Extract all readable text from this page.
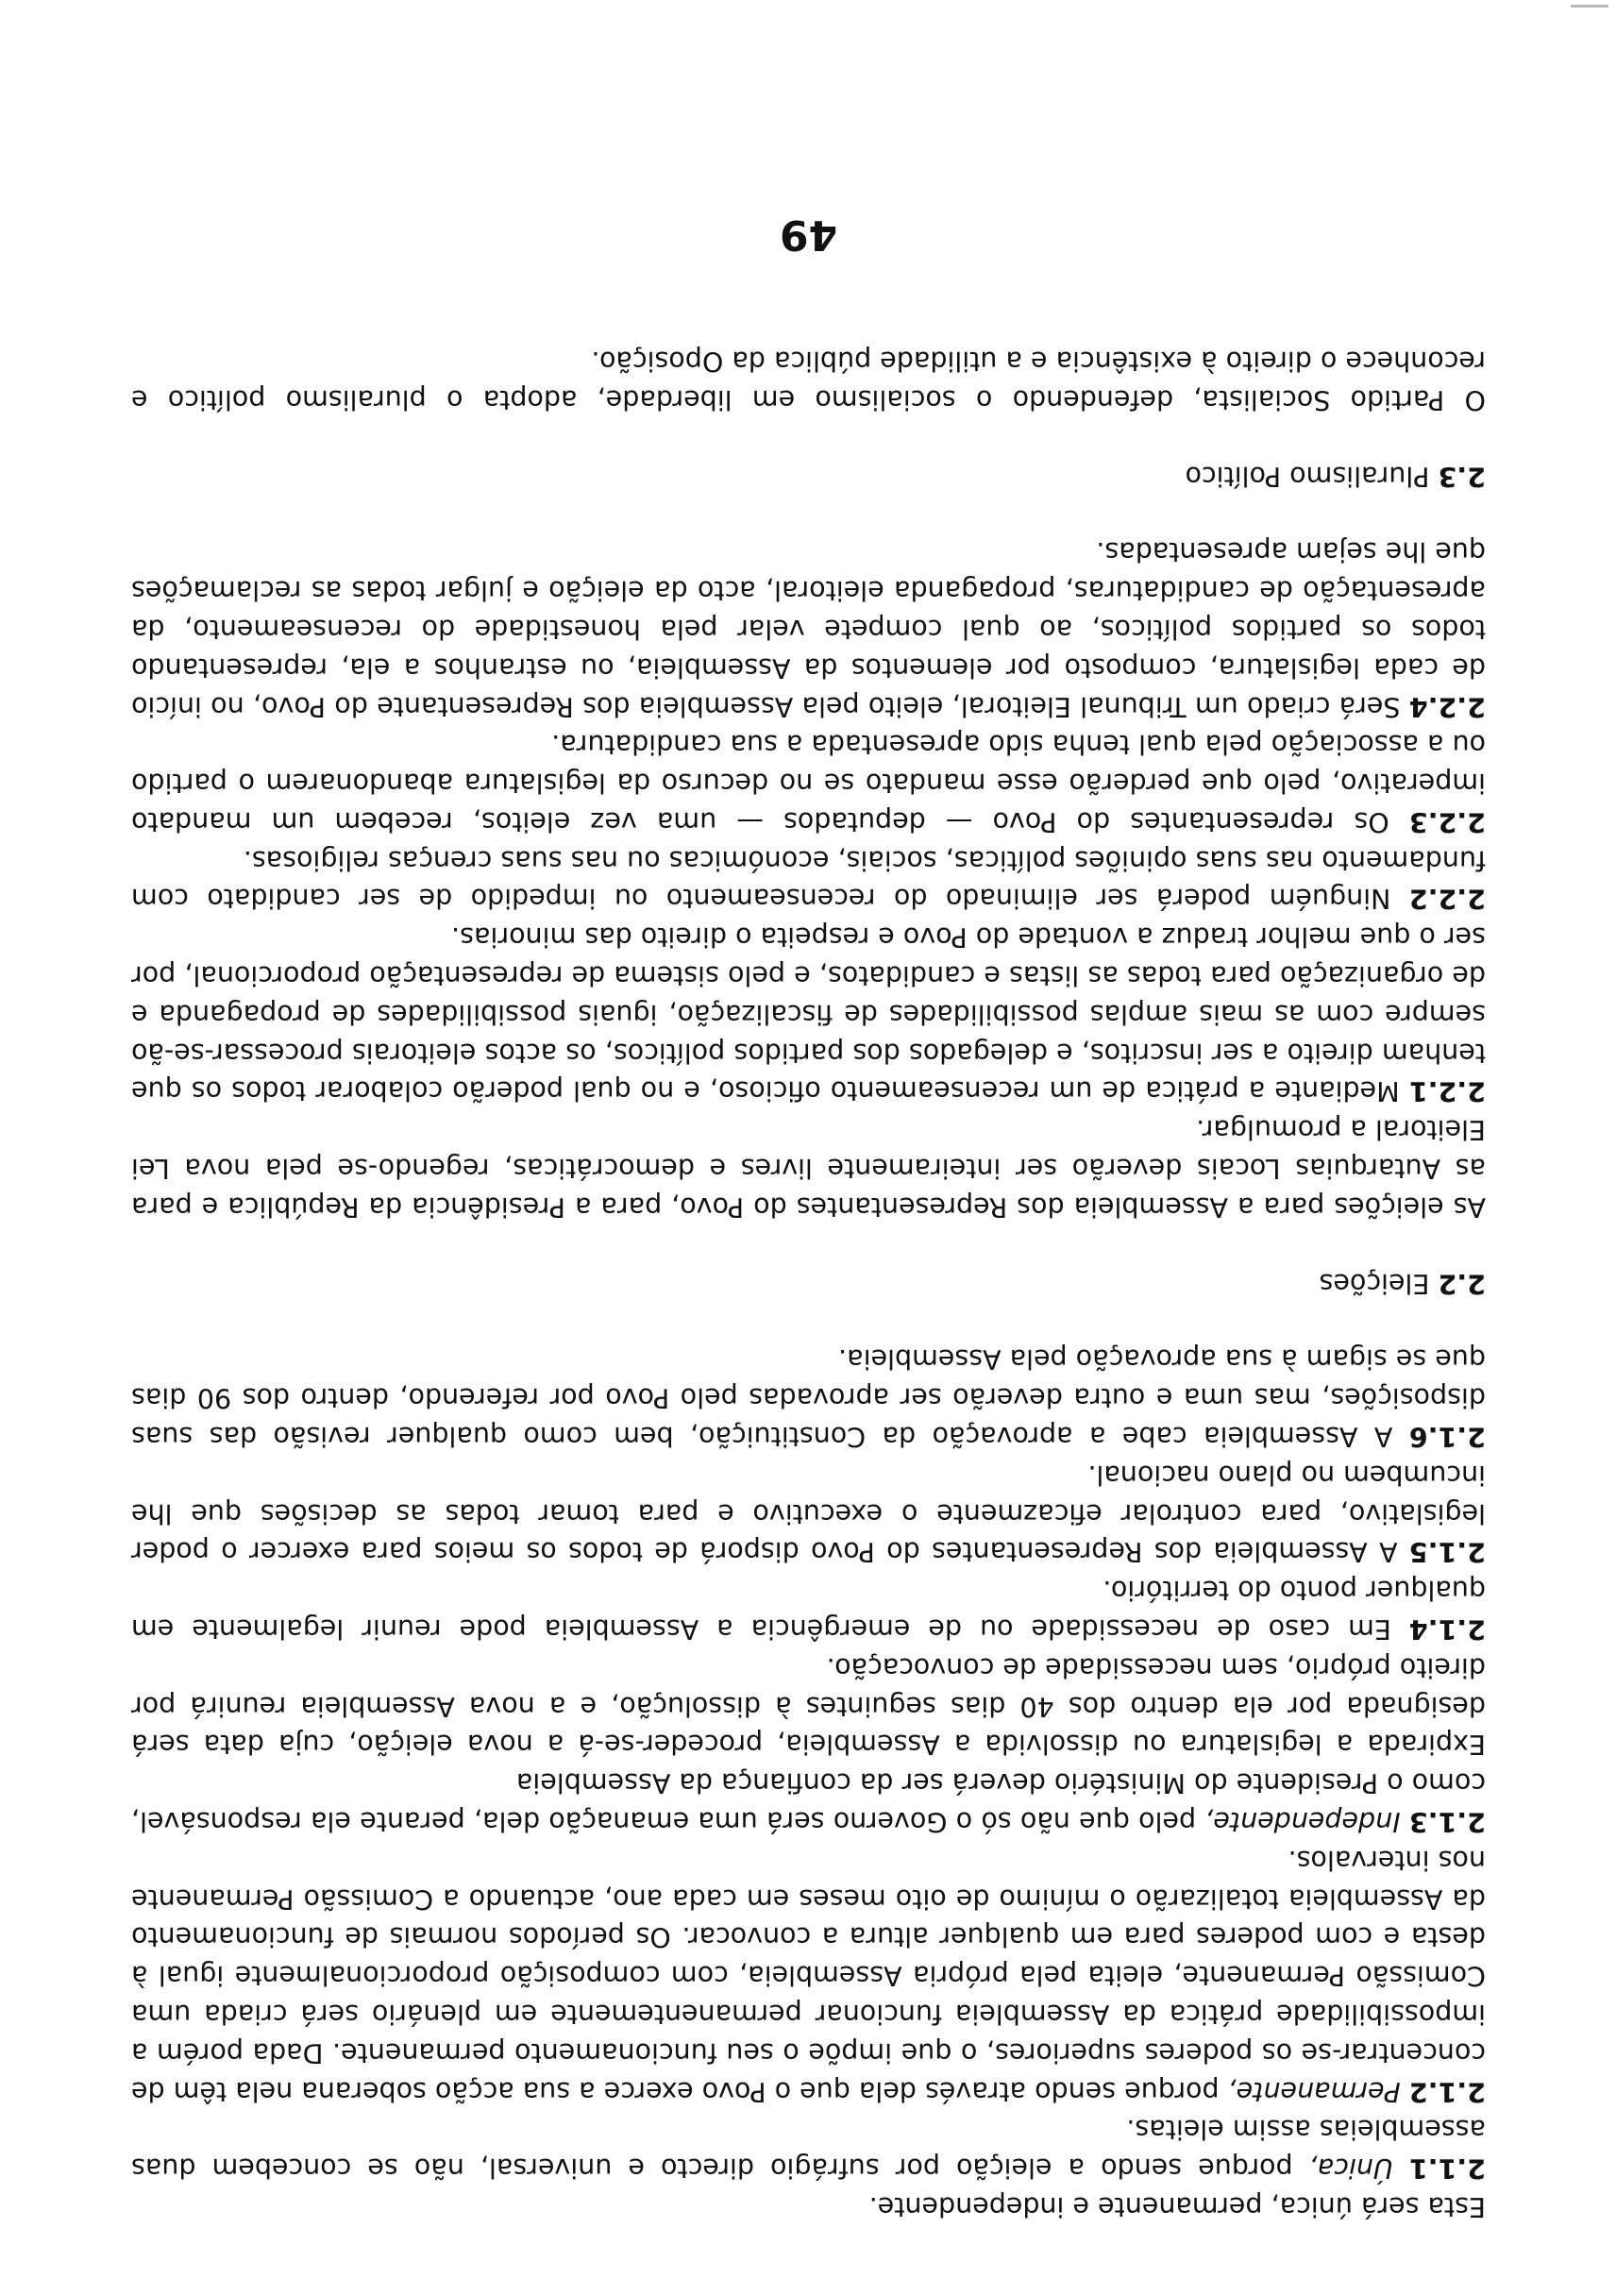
Esta será única, permanente e independente.

2.1.1 Única, porque sendo a eleição por sufrágio directo e universal, não se concebem duas assembleias assim eleitas.

2.1.2 Permanente, porque sendo através dela que o Povo exerce a sua acção soberana nela têm de concentrar-se os poderes superiores, o que impõe o seu funcionamento permanente. Dada porém a impossibilidade prática da Assembleia funcionar permanentemente em plenário será criada uma Comissão Permanente, eleita pela própria Assembleia, com composição proporcionalmente igual à desta e com poderes para em qualquer altura a convocar. Os períodos normais de funcionamento da Assembleia totalizarão o mínimo de oito meses em cada ano, actuando a Comissão Permanente nos intervalos.

2.1.3 Independente, pelo que não só o Governo será uma emanação dela, perante ela responsável, como o Presidente do Ministério deverá ser da confiança da Assembleia

Expirada a legislatura ou dissolvida a Assembleia, proceder-se-á a nova eleição, cuja data será designada por ela dentro dos 40 dias seguintes à dissolução, e a nova Assembleia reunirá por direito próprio, sem necessidade de convocação.

2.1.4 Em caso de necessidade ou de emergência a Assembleia pode reunir legalmente em qualquer ponto do território.

2.1.5 A Assembleia dos Representantes do Povo disporá de todos os meios para exercer o poder legislativo, para controlar eficazmente o executivo e para tomar todas as decisões que lhe incumbem no plano nacional.

2.1.6 A Assembleia cabe a aprovação da Constituição, bem como qualquer revisão das suas disposições, mas uma e outra deverão ser aprovadas pelo Povo por referendo, dentro dos 90 dias que se sigam à sua aprovação pela Assembleia.

2.2 Eleições

As eleições para a Assembleia dos Representantes do Povo, para a Presidência da República e para as Autarquias Locais deverão ser inteiramente livres e democráticas, regendo-se pela nova Lei Eleitoral a promulgar.

2.2.1 Mediante a prática de um recenseamento oficioso, e no qual poderão colaborar todos os que tenham direito a ser inscritos, e delegados dos partidos políticos, os actos eleitorais processar-se-ão sempre com as mais amplas possibilidades de fiscalização, iguais possibilidades de propaganda e de organização para todas as listas e candidatos, e pelo sistema de representação proporcional, por ser o que melhor traduz a vontade do Povo e respeita o direito das minorias.

2.2.2 Ninguém poderá ser eliminado do recenseamento ou impedido de ser candidato com fundamento nas suas opiniões políticas, sociais, económicas ou nas suas crenças religiosas.

2.2.3 Os representantes do Povo — deputados — uma vez eleitos, recebem um mandato imperativo, pelo que perderão esse mandato se no decurso da legislatura abandonarem o partido ou a associação pela qual tenha sido apresentada a sua candidatura.

2.2.4 Será criado um Tribunal Eleitoral, eleito pela Assembleia dos Representante do Povo, no início de cada legislatura, composto por elementos da Assembleia, ou estranhos a ela, representando todos os partidos políticos, ao qual compete velar pela honestidade do recenseamento, da apresentação de candidaturas, propaganda eleitoral, acto da eleição e julgar todas as reclamações que lhe sejam apresentadas.

2.3 Pluralismo Político

O Partido Socialista, defendendo o socialismo em liberdade, adopta o pluralismo político e reconhece o direito à existência e a utilidade pública da Oposição.

49
